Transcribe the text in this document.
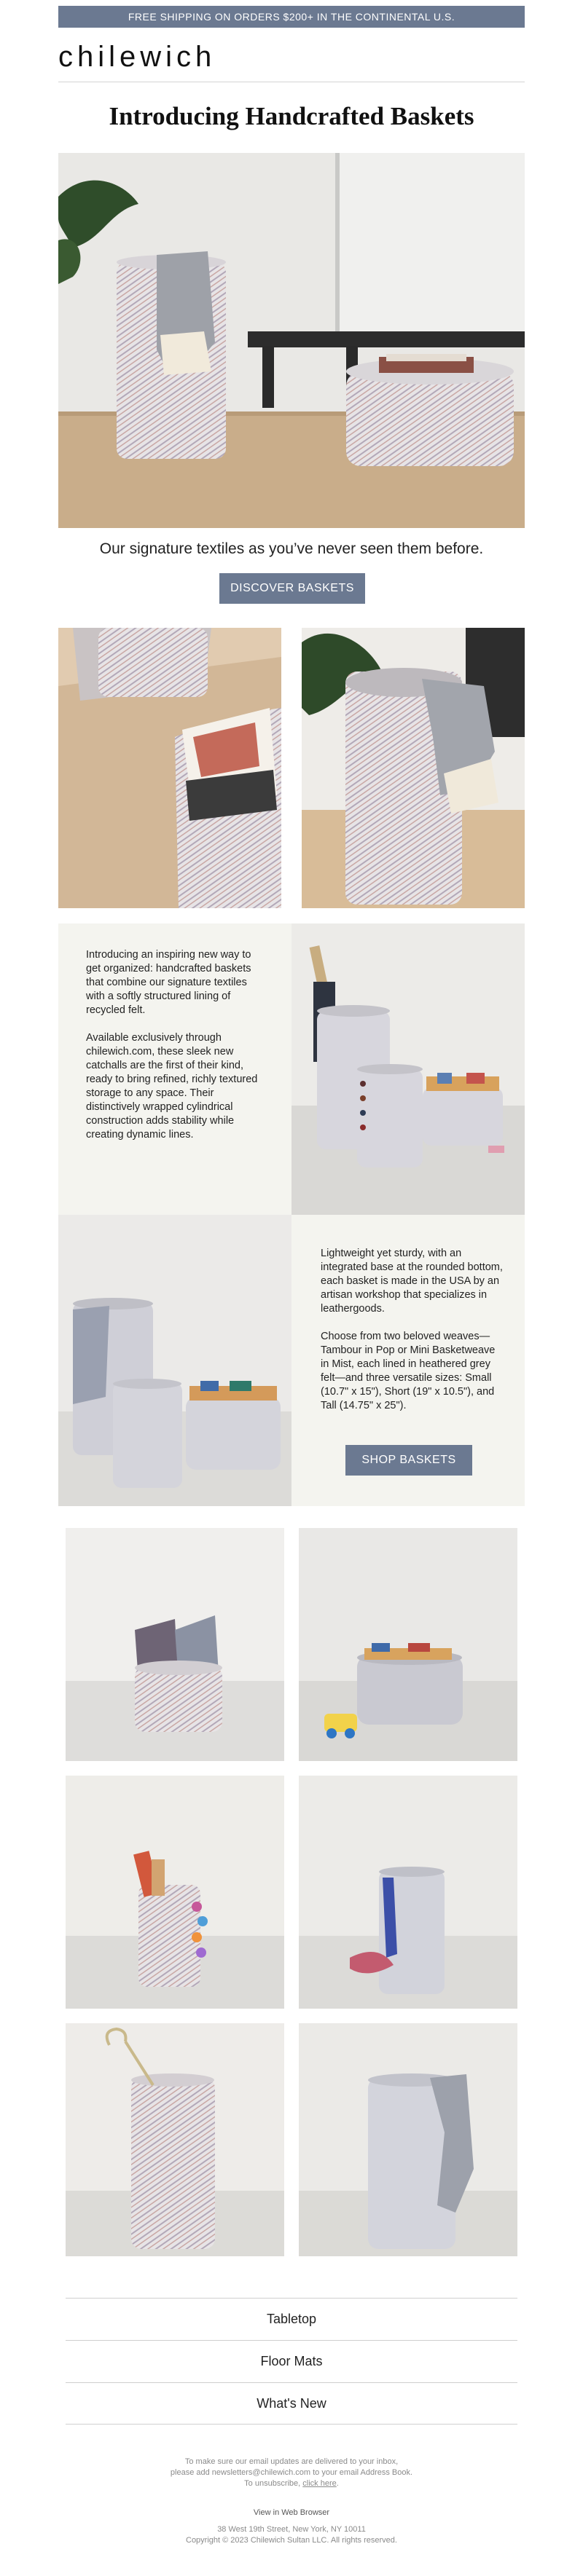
FREE SHIPPING ON ORDERS $200+ IN THE CONTINENTAL U.S.
chilewich
Introducing Handcrafted Baskets
Our signature textiles as you’ve never seen them before.
DISCOVER BASKETS

Introducing an inspiring new way to get organized: handcrafted baskets that combine our signature textiles with a softly structured lining of recycled felt.

Available exclusively through chilewich.com, these sleek new catchalls are the first of their kind, ready to bring refined, richly textured storage to any space. Their distinctively wrapped cylindrical construction adds stability while creating dynamic lines.

Lightweight yet sturdy, with an integrated base at the rounded bottom, each basket is made in the USA by an artisan workshop that specializes in leathergoods.

Choose from two beloved weaves—Tambour in Pop or Mini Basketweave in Mist, each lined in heathered grey felt—and three versatile sizes: Small (10.7" x 15"), Short (19" x 10.5"), and Tall (14.75" x 25").

SHOP BASKETS
Tabletop
Floor Mats
What's New
To make sure our email updates are delivered to your inbox,
please add newsletters@chilewich.com to your email Address Book.
To unsubscribe, click here.
View in Web Browser
38 West 19th Street, New York, NY 10011
Copyright © 2023 Chilewich Sultan LLC. All rights reserved.
